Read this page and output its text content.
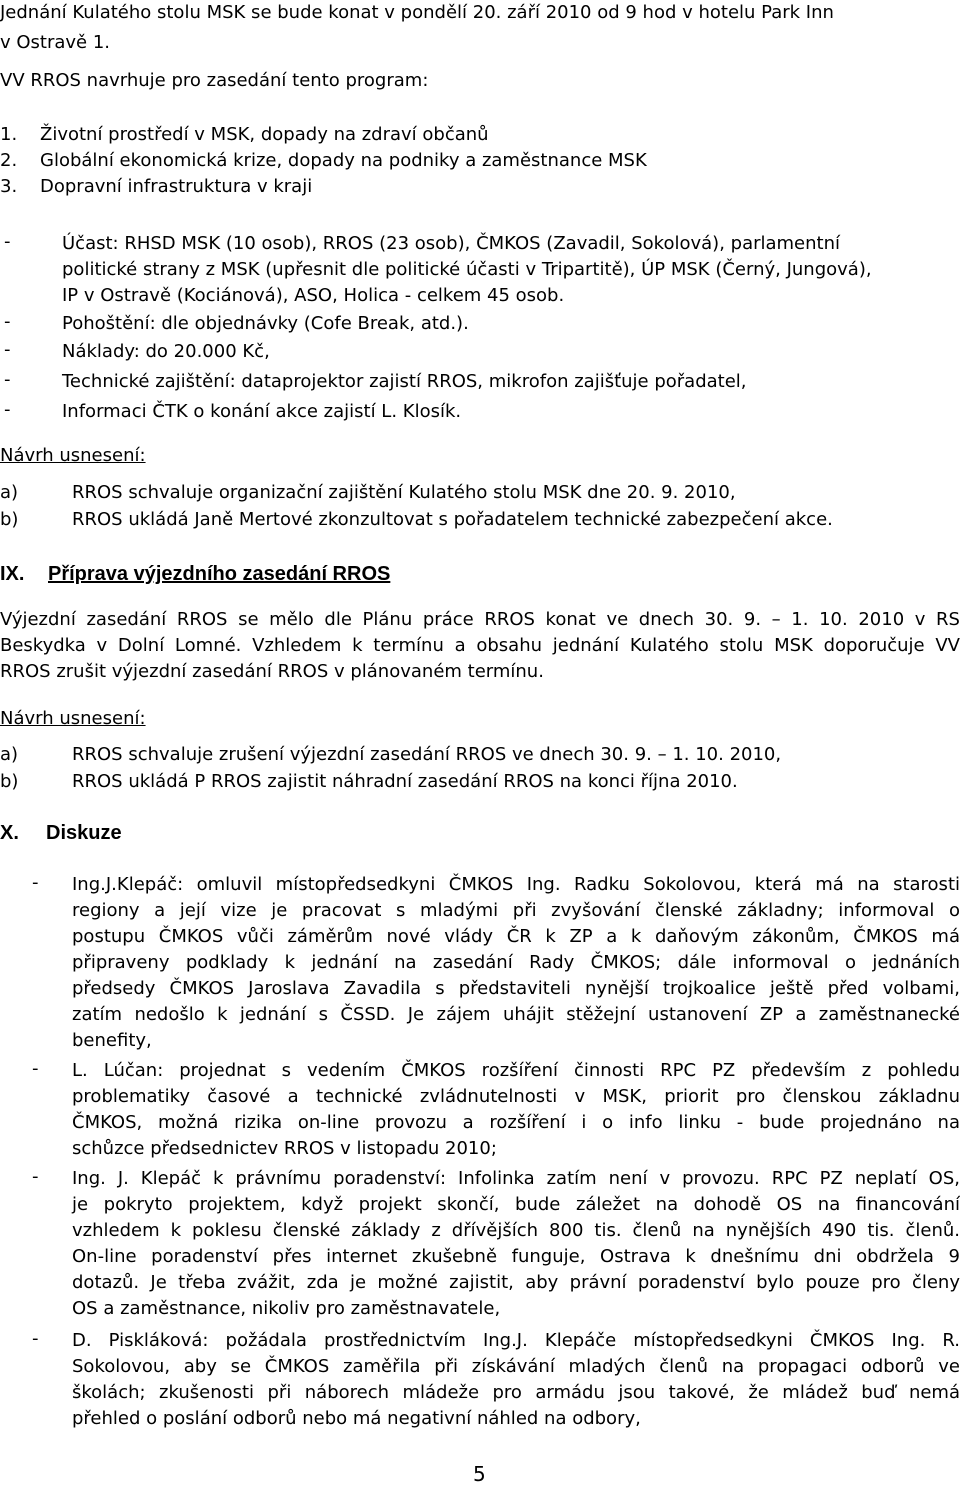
Jednání Kulatého stolu MSK se bude konat v pondělí 20. září 2010 od 9 hod v hotelu Park Inn
v Ostravě 1.
VV RROS navrhuje pro zasedání tento program:
1.	Životní prostředí v MSK, dopady na zdraví občanů
2.	Globální ekonomická krize, dopady na podniky a zaměstnance MSK
3.	Dopravní infrastruktura v kraji
-	Účast: RHSD MSK (10 osob), RROS (23 osob), ČMKOS (Zavadil, Sokolová), parlamentní
politické strany z MSK (upřesnit dle politické účasti v Tripartitě), ÚP MSK (Černý, Jungová),
IP v Ostravě (Kociánová), ASO, Holica - celkem 45 osob.
-	Pohoštění: dle objednávky (Cofe Break, atd.).
-	Náklady: do 20.000 Kč,
-	Technické zajištění: dataprojektor zajistí RROS, mikrofon zajišťuje pořadatel,
-	Informaci ČTK o konání akce zajistí L. Klosík.
Návrh usnesení:
a)	RROS schvaluje organizační zajištění Kulatého stolu MSK dne 20. 9. 2010,
b)	RROS ukládá Janě Mertové zkonzultovat s pořadatelem technické zabezpečení akce.
IX. Příprava výjezdního zasedání RROS
Výjezdní zasedání RROS se mělo dle Plánu práce RROS konat ve dnech 30. 9. – 1. 10. 2010 v RS
Beskydka v Dolní Lomné. Vzhledem k termínu a obsahu jednání Kulatého stolu MSK doporučuje VV
RROS zrušit výjezdní zasedání RROS v plánovaném termínu.
Návrh usnesení:
a)	RROS schvaluje zrušení výjezdní zasedání RROS ve dnech 30. 9. – 1. 10. 2010,
b)	RROS ukládá P RROS zajistit náhradní zasedání RROS na konci října 2010.
X. Diskuze
- Ing.J.Klepáč: omluvil místopředsedkyni ČMKOS Ing. Radku Sokolovou, která má na starosti
regiony a její vize je pracovat s mladými při zvyšování členské základny; informoval o
postupu ČMKOS vůči záměrům nové vlády ČR k ZP a k daňovým zákonům, ČMKOS má
připraveny podklady k jednání na zasedání Rady ČMKOS; dále informoval o jednáních
předsedy ČMKOS Jaroslava Zavadila s představiteli nynější trojkoalice ještě před volbami,
zatím nedošlo k jednání s ČSSD. Je zájem uhájit stěžejní ustanovení ZP a zaměstnanecké
benefity,
- L. Lúčan: projednat s vedením ČMKOS rozšíření činnosti RPC PZ především z pohledu
problematiky časové a technické zvládnutelnosti v MSK, priorit pro členskou základnu
ČMKOS, možná rizika on-line provozu a rozšíření i o info linku - bude projednáno na
schůzce předsednictev RROS v listopadu 2010;
- Ing. J. Klepáč k právnímu poradenství: Infolinka zatím není v provozu. RPC PZ neplatí OS,
je pokryto projektem, když projekt skončí, bude záležet na dohodě OS na financování
vzhledem k poklesu členské základy z dřívějších 800 tis. členů na nynějších 490 tis. členů.
On-line poradenství přes internet zkušebně funguje, Ostrava k dnešnímu dni obdržela 9
dotazů. Je třeba zvážit, zda je možné zajistit, aby právní poradenství bylo pouze pro členy
OS a zaměstnance, nikoliv pro zaměstnavatele,
- D. Piskláková: požádala prostřednictvím Ing.J. Klepáče místopředsedkyni ČMKOS Ing. R.
Sokolovou, aby se ČMKOS zaměřila při získávání mladých členů na propagaci odborů ve
školách; zkušenosti při náborech mládeže pro armádu jsou takové, že mládež buď nemá
přehled o poslání odborů nebo má negativní náhled na odbory,
5
